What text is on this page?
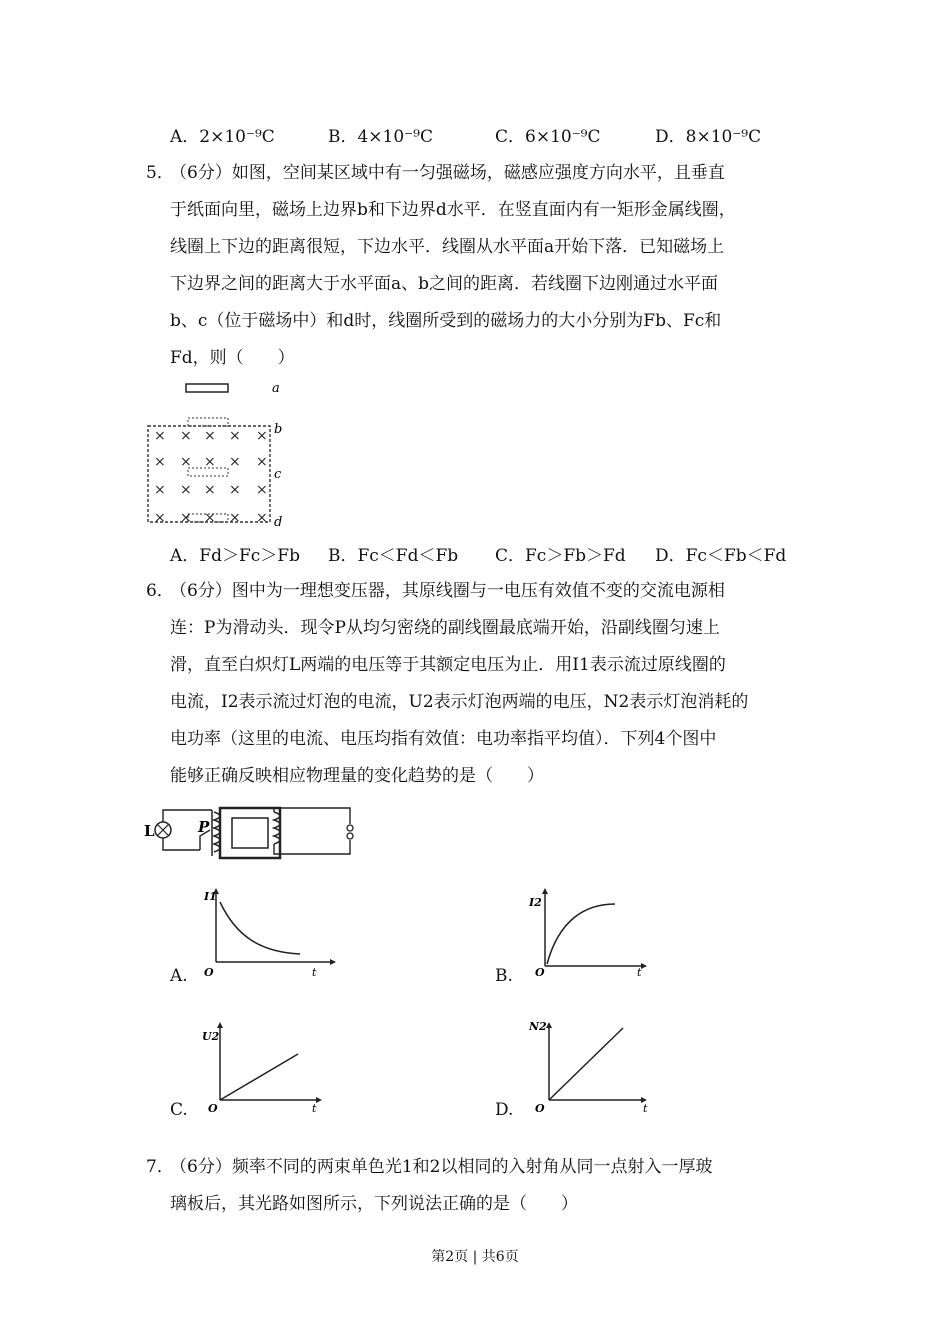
A．2×10⁻⁹C	B．4×10⁻⁹C	C．6×10⁻⁹C	D．8×10⁻⁹C
5．
（6分）如图，空间某区域中有一匀强磁场，磁感应强度方向水平，且垂直
于纸面向里，磁场上边界b和下边界d水平．在竖直面内有一矩形金属线圈，
线圈上下边的距离很短，下边水平．线圈从水平面a开始下落．已知磁场上
下边界之间的距离大于水平面a、b之间的距离．若线圈下边刚通过水平面
b、c（位于磁场中）和d时，线圈所受到的磁场力的大小分别为Fb、Fc和
Fd，则（　　）
a
b
c
d
× × × × ×
× × × × ×
× × × × ×
× × × × ×
A．Fd＞Fc＞Fb B．Fc＜Fd＜Fb C．Fc＞Fb＞Fd D．Fc＜Fb＜Fd
6．
（6分）图中为一理想变压器，其原线圈与一电压有效值不变的交流电源相
连：P为滑动头．现令P从均匀密绕的副线圈最底端开始，沿副线圈匀速上
滑，直至白炽灯L两端的电压等于其额定电压为止．用I1表示流过原线圈的
电流，I2表示流过灯泡的电流，U2表示灯泡两端的电压，N2表示灯泡消耗的
电功率（这里的电流、电压均指有效值：电功率指平均值）．下列4个图中
能够正确反映相应物理量的变化趋势的是（　　）
L	P
A.
I1
O	t	B.
I2
O	t
C.
U2
O	t	D.
N2
O	t
7．
（6分）频率不同的两束单色光1和2以相同的入射角从同一点射入一厚玻
璃板后，其光路如图所示，下列说法正确的是（　　）
第2页 | 共6页
